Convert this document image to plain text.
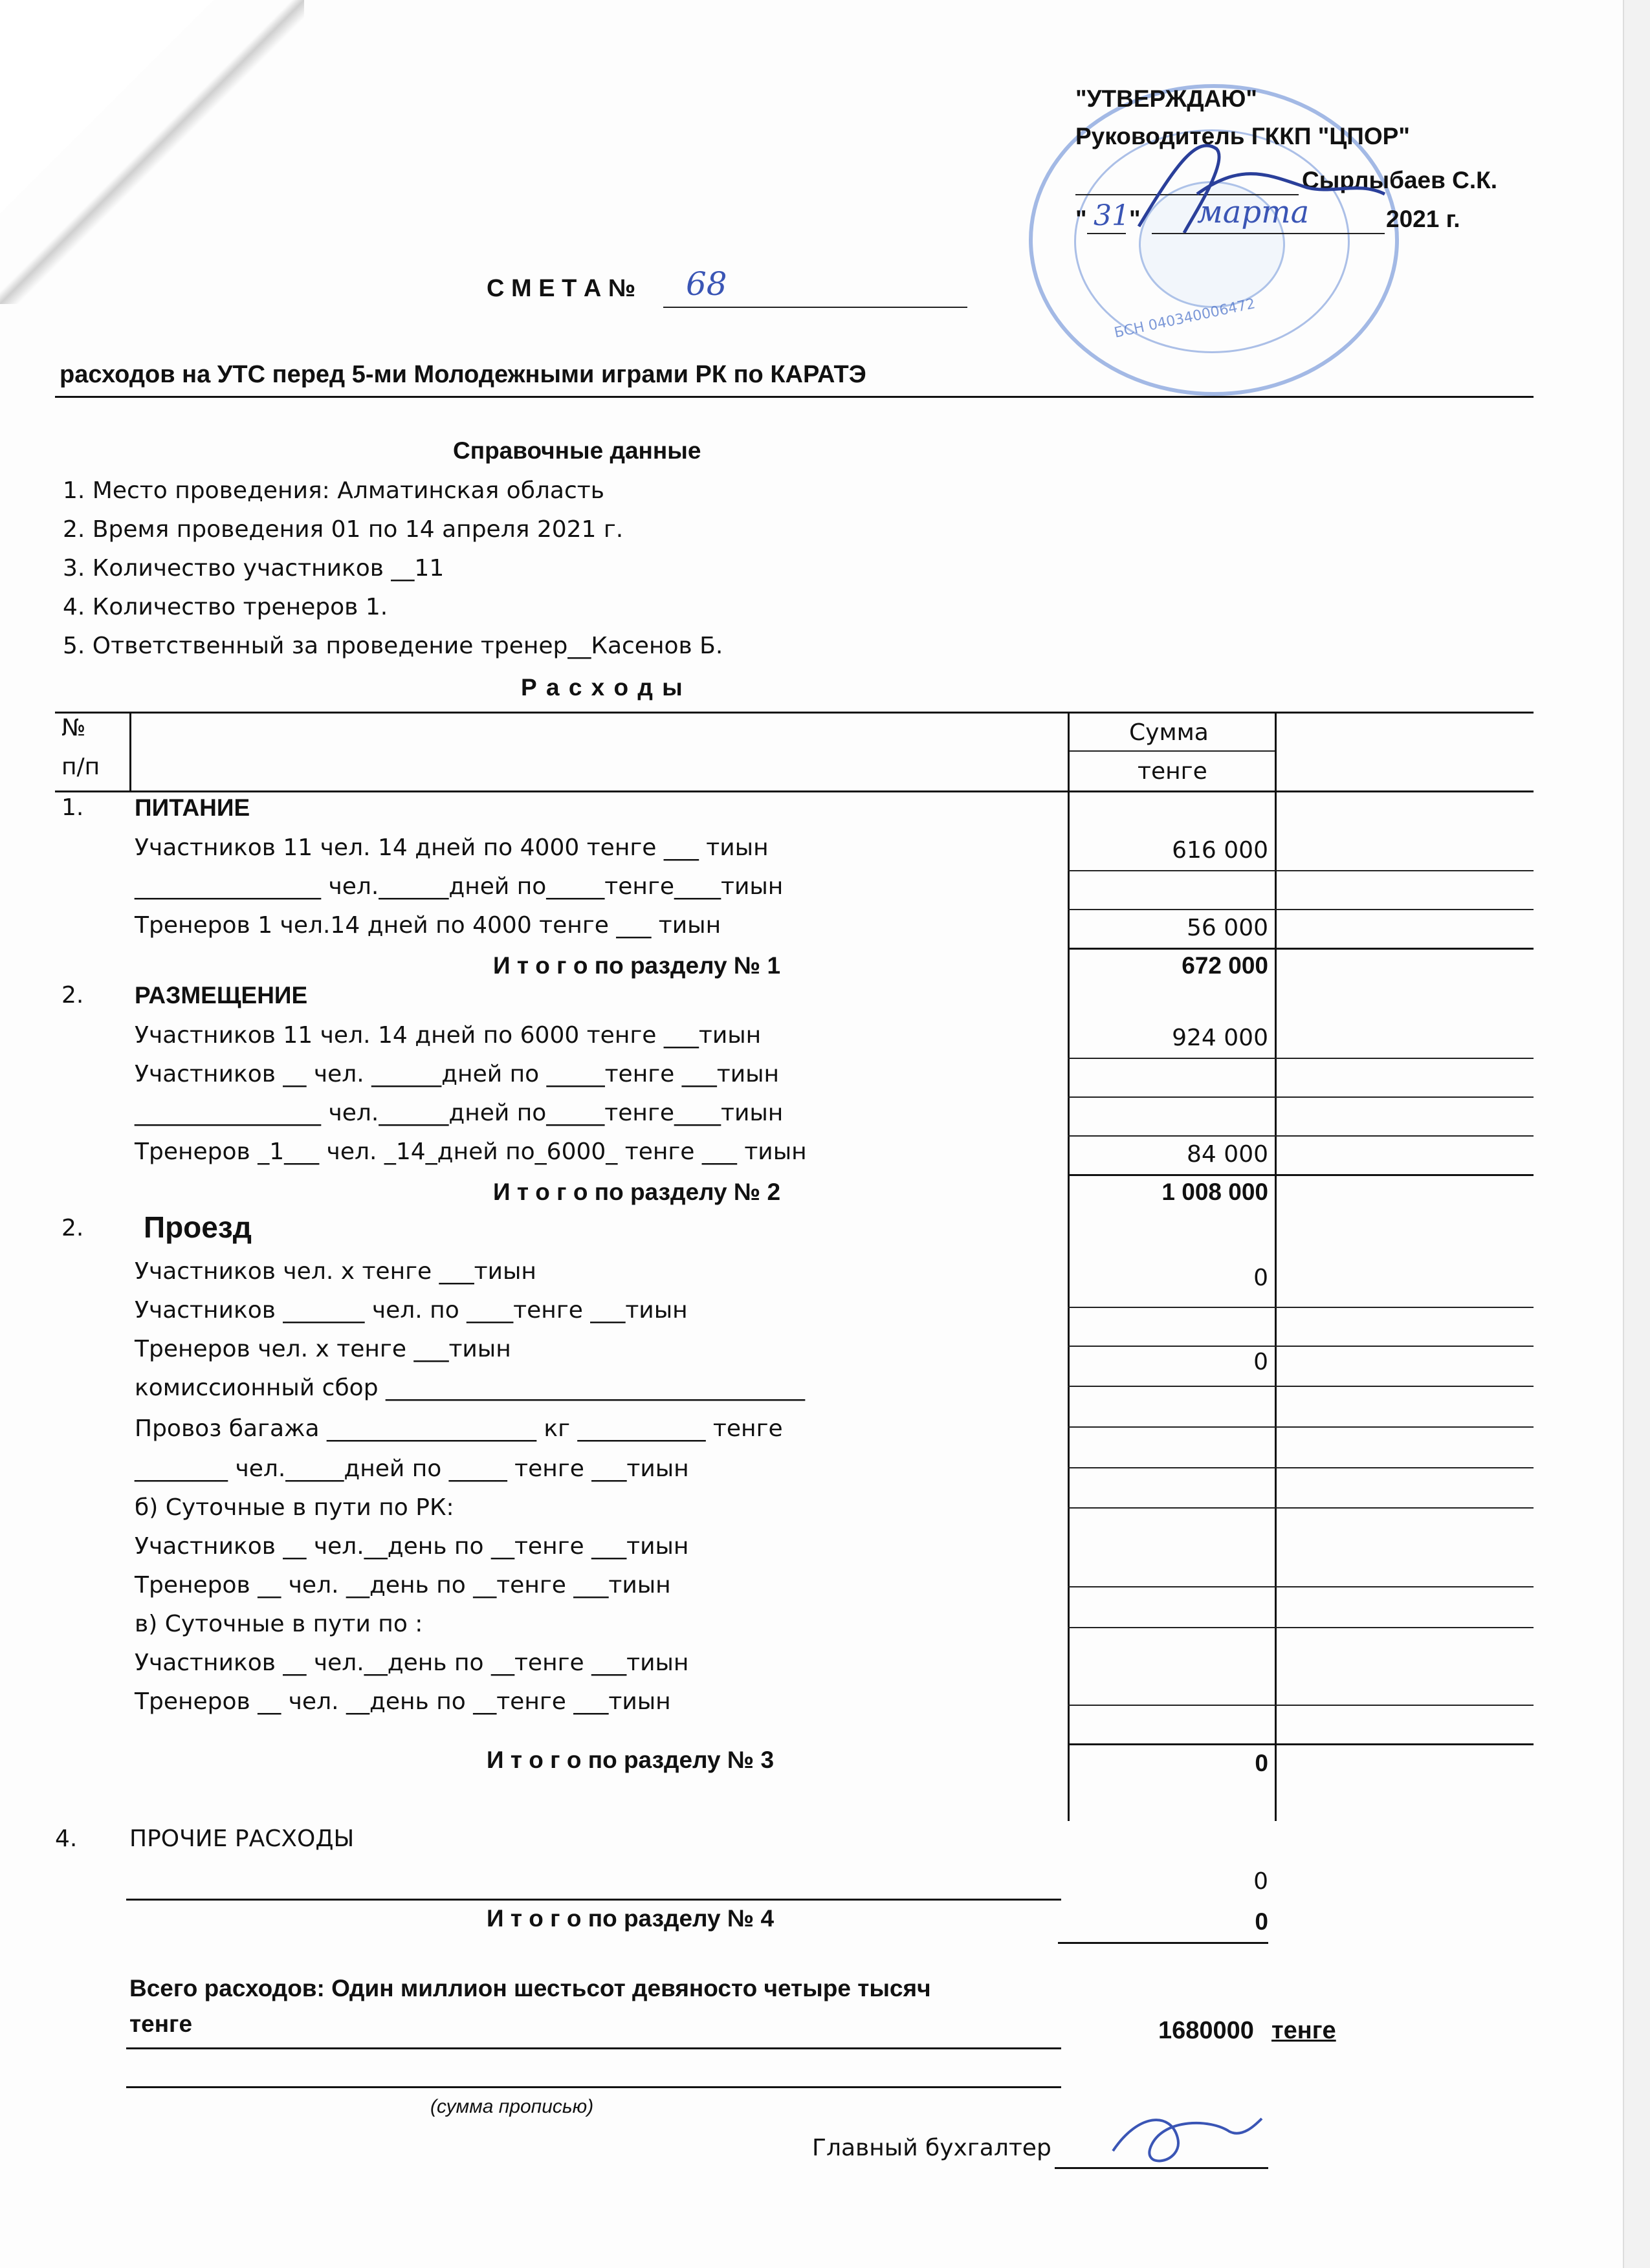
БСН 040340006472
"УТВЕРЖДАЮ"
Руководитель ГККП "ЦПОР"
Сырлыбаев С.К.
" 31 " марта	2021 г.
С М Е Т А № 68
расходов на УТС перед 5-ми Молодежными играми РК по КАРАТЭ
Справочные данные
1. Место проведения: Алматинская область
2. Время проведения 01 по 14 апреля 2021 г.
3. Количество участников __11
4. Количество тренеров 1.
5. Ответственный за проведение тренер__Касенов Б.
Р а с х о д ы
№
п/п
Сумма
тенге
1. ПИТАНИЕ
Участников 11 чел. 14 дней по 4000 тенге ___ тиын	616 000
________________ чел.______дней по_____тенге____тиын
Тренеров 1 чел.14 дней по 4000 тенге ___ тиын	56 000
И т о г о по разделу № 1	672 000
2. РАЗМЕЩЕНИЕ
Участников 11 чел. 14 дней по 6000 тенге ___тиын	924 000
Участников __ чел. ______дней по _____тенге ___тиын
________________ чел.______дней по_____тенге____тиын
Тренеров _1___ чел. _14_дней по_6000_ тенге ___ тиын	84 000
И т о г о по разделу № 2	1 008 000
2. Проезд
Участников чел. х тенге ___тиын	0
Участников _______ чел. по ____тенге ___тиын
Тренеров чел. х тенге ___тиын	0
комиссионный сбор ____________________________________
Провоз багажа __________________ кг ___________ тенге
________ чел._____дней по _____ тенге ___тиын
б) Суточные в пути по РК:
Участников __ чел.__день по __тенге ___тиын
Тренеров __ чел. __день по __тенге ___тиын
в) Суточные в пути по :
Участников __ чел.__день по __тенге ___тиын
Тренеров __ чел. __день по __тенге ___тиын
И т о г о по разделу № 3	0
4. ПРОЧИЕ РАСХОДЫ
0
И т о г о по разделу № 4	0
Всего расходов: Один миллион шестьсот девяносто четыре тысяч
тенге	1680000 тенге
(сумма прописью)
Главный бухгалтер
